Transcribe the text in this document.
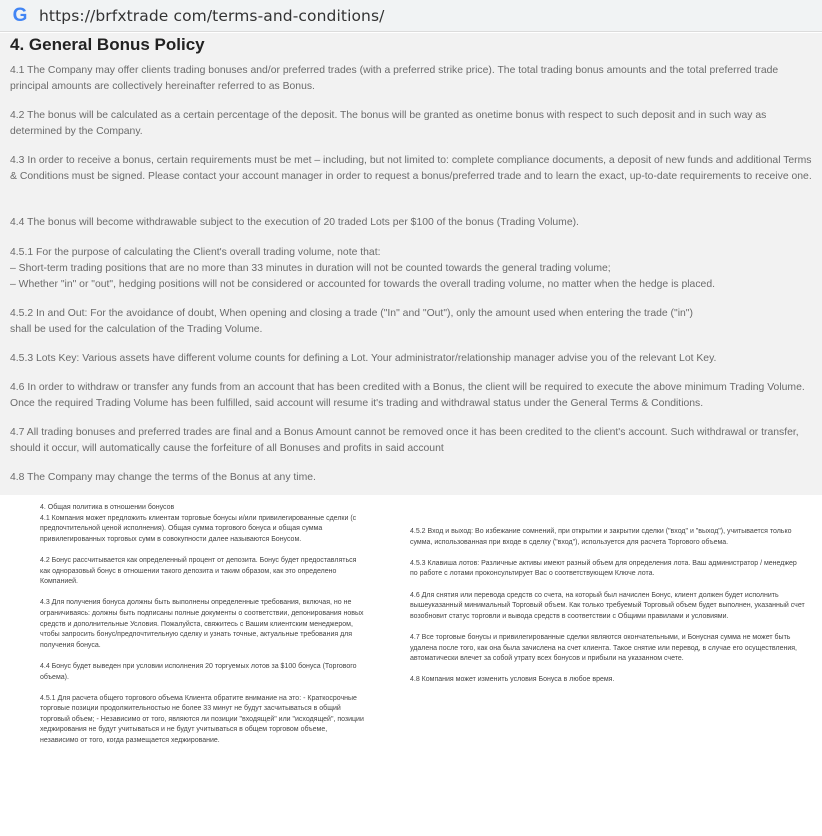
G https://brfxtrade com/terms-and-conditions/
4. General Bonus Policy

4.1 The Company may offer clients trading bonuses and/or preferred trades (with a preferred strike price). The total trading bonus amounts and the total preferred trade principal amounts are collectively hereinafter referred to as Bonus.

4.2 The bonus will be calculated as a certain percentage of the deposit. The bonus will be granted as onetime bonus with respect to such deposit and in such way as determined by the Company.

4.3 In order to receive a bonus, certain requirements must be met – including, but not limited to: complete compliance documents, a deposit of new funds and additional Terms & Conditions must be signed. Please contact your account manager in order to request a bonus/preferred trade and to learn the exact, up-to-date requirements to receive one.

4.4 The bonus will become withdrawable subject to the execution of 20 traded Lots per $100 of the bonus (Trading Volume).

4.5.1 For the purpose of calculating the Client's overall trading volume, note that:

– Short-term trading positions that are no more than 33 minutes in duration will not be counted towards the general trading volume;

– Whether "in" or "out", hedging positions will not be considered or accounted for towards the overall trading volume, no matter when the hedge is placed.

4.5.2 In and Out: For the avoidance of doubt, When opening and closing a trade ("In" and "Out"), only the amount used when entering the trade ("in")

shall be used for the calculation of the Trading Volume.

4.5.3 Lots Key: Various assets have different volume counts for defining a Lot. Your administrator/relationship manager advise you of the relevant Lot Key.

4.6 In order to withdraw or transfer any funds from an account that has been credited with a Bonus, the client will be required to execute the above minimum Trading Volume. Once the required Trading Volume has been fulfilled, said account will resume it's trading and withdrawal status under the General Terms & Conditions.

4.7 All trading bonuses and preferred trades are final and a Bonus Amount cannot be removed once it has been credited to the client's account. Such withdrawal or transfer, should it occur, will automatically cause the forfeiture of all Bonuses and profits in said account

4.8 The Company may change the terms of the Bonus at any time.

4. Общая политика в отношении бонусов

4.1 Компания может предложить клиентам торговые бонусы и/или привилегированные сделки (с предпочтительной ценой исполнения). Общая сумма торгового бонуса и общая сумма привилегированных торговых сумм в совокупности далее называются Бонусом.

4.2 Бонус рассчитывается как определенный процент от депозита. Бонус будет предоставляться как одноразовый бонус в отношении такого депозита и таким образом, как это определено Компанией.

4.3 Для получения бонуса должны быть выполнены определенные требования, включая, но не ограничиваясь: должны быть подписаны полные документы о соответствии, депонирования новых средств и дополнительные Условия. Пожалуйста, свяжитесь с Вашим клиентским менеджером, чтобы запросить бонус/предпочтительную сделку и узнать точные, актуальные требования для получения бонуса.

4.4 Бонус будет выведен при условии исполнения 20 торгуемых лотов за $100 бонуса (Торгового объема).

4.5.1 Для расчета общего торгового объема Клиента обратите внимание на это: - Краткосрочные торговые позиции продолжительностью не более 33 минут не будут засчитываться в общий торговый объем; - Независимо от того, являются ли позиции "входящей" или "исходящей", позиции хеджирования не будут учитываться и не будут учитываться в общем торговом объеме, независимо от того, когда размещается хеджирование.

4.5.2 Вход и выход: Во избежание сомнений, при открытии и закрытии сделки ("вход" и "выход"), учитывается только сумма, использованная при входе в сделку ("вход"), используется для расчета Торгового объема.

4.5.3 Клавиша лотов: Различные активы имеют разный объем для определения лота. Ваш администратор / менеджер по работе с лотами проконсультирует Вас о соответствующем Ключе лота.

4.6 Для снятия или перевода средств со счета, на который был начислен Бонус, клиент должен будет исполнить вышеуказанный минимальный Торговый объем. Как только требуемый Торговый объем будет выполнен, указанный счет возобновит статус торговли и вывода средств в соответствии с Общими правилами и условиями.

4.7 Все торговые бонусы и привилегированные сделки являются окончательными, и Бонусная сумма не может быть удалена после того, как она была зачислена на счет клиента. Такое снятие или перевод, в случае его осуществления, автоматически влечет за собой утрату всех бонусов и прибыли на указанном счете.

4.8 Компания может изменить условия Бонуса в любое время.
